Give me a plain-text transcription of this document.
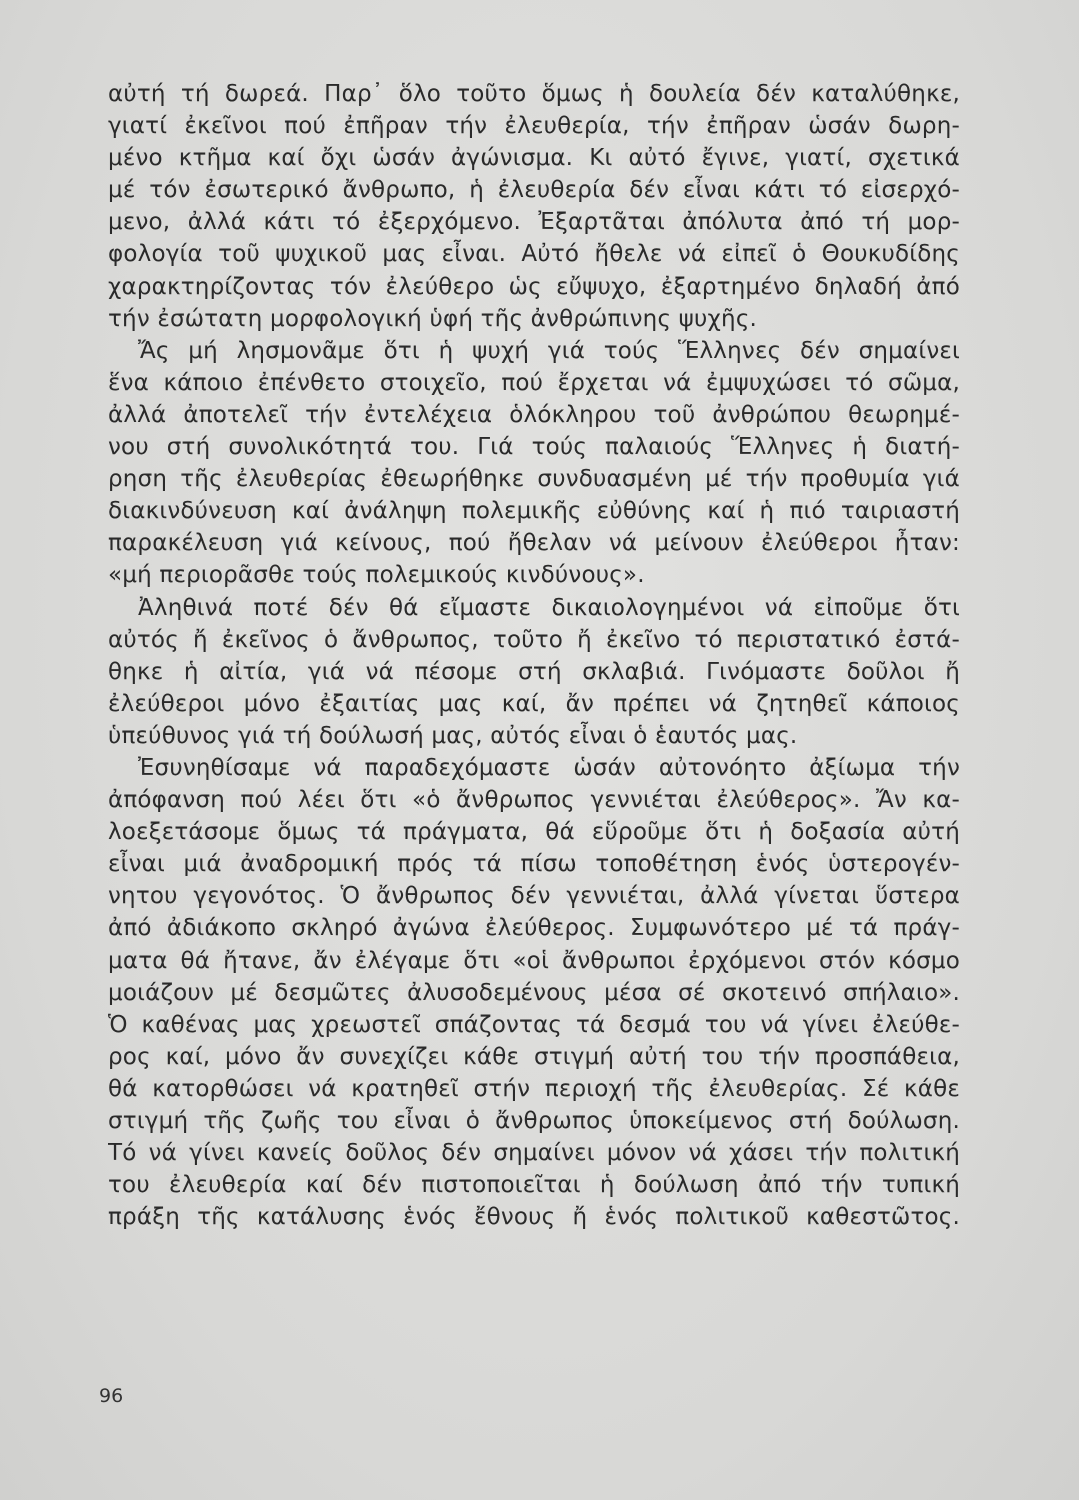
αὐτή τή δωρεά. Παρ᾽ ὅλο τοῦτο ὅμως ἡ δουλεία δέν καταλύθηκε,
γιατί ἐκεῖνοι πού ἐπῆραν τήν ἐλευθερία, τήν ἐπῆραν ὡσάν δωρη-
μένο κτῆμα καί ὄχι ὡσάν ἀγώνισμα. Κι αὐτό ἔγινε, γιατί, σχετικά
μέ τόν ἐσωτερικό ἄνθρωπο, ἡ ἐλευθερία δέν εἶναι κάτι τό εἰσερχό-
μενο, ἀλλά κάτι τό ἐξερχόμενο. Ἐξαρτᾶται ἀπόλυτα ἀπό τή μορ-
φολογία τοῦ ψυχικοῦ μας εἶναι. Αὐτό ἤθελε νά εἰπεῖ ὁ Θουκυδίδης
χαρακτηρίζοντας τόν ἐλεύθερο ὡς εὔψυχο, ἐξαρτημένο δηλαδή ἀπό
τήν ἐσώτατη μορφολογική ὑφή τῆς ἀνθρώπινης ψυχῆς.
Ἄς μή λησμονᾶμε ὅτι ἡ ψυχή γιά τούς Ἕλληνες δέν σημαίνει
ἕνα κάποιο ἐπένθετο στοιχεῖο, πού ἔρχεται νά ἐμψυχώσει τό σῶμα,
ἀλλά ἀποτελεῖ τήν ἐντελέχεια ὁλόκληρου τοῦ ἀνθρώπου θεωρημέ-
νου στή συνολικότητά του. Γιά τούς παλαιούς Ἕλληνες ἡ διατή-
ρηση τῆς ἐλευθερίας ἐθεωρήθηκε συνδυασμένη μέ τήν προθυμία γιά
διακινδύνευση καί ἀνάληψη πολεμικῆς εὐθύνης καί ἡ πιό ταιριαστή
παρακέλευση γιά κείνους, πού ἤθελαν νά μείνουν ἐλεύθεροι ἦταν:
«μή περιορᾶσθε τούς πολεμικούς κινδύνους».
Ἀληθινά ποτέ δέν θά εἴμαστε δικαιολογημένοι νά εἰποῦμε ὅτι
αὐτός ἤ ἐκεῖνος ὁ ἄνθρωπος, τοῦτο ἤ ἐκεῖνο τό περιστατικό ἐστά-
θηκε ἡ αἰτία, γιά νά πέσομε στή σκλαβιά. Γινόμαστε δοῦλοι ἤ
ἐλεύθεροι μόνο ἐξαιτίας μας καί, ἄν πρέπει νά ζητηθεῖ κάποιος
ὑπεύθυνος γιά τή δούλωσή μας, αὐτός εἶναι ὁ ἑαυτός μας.
Ἐσυνηθίσαμε νά παραδεχόμαστε ὡσάν αὐτονόητο ἀξίωμα τήν
ἀπόφανση πού λέει ὅτι «ὁ ἄνθρωπος γεννιέται ἐλεύθερος». Ἄν κα-
λοεξετάσομε ὅμως τά πράγματα, θά εὕροῦμε ὅτι ἡ δοξασία αὐτή
εἶναι μιά ἀναδρομική πρός τά πίσω τοποθέτηση ἑνός ὑστερογέν-
νητου γεγονότος. Ὁ ἄνθρωπος δέν γεννιέται, ἀλλά γίνεται ὕστερα
ἀπό ἀδιάκοπο σκληρό ἀγώνα ἐλεύθερος. Συμφωνότερο μέ τά πράγ-
ματα θά ἤτανε, ἄν ἐλέγαμε ὅτι «οἱ ἄνθρωποι ἐρχόμενοι στόν κόσμο
μοιάζουν μέ δεσμῶτες ἀλυσοδεμένους μέσα σέ σκοτεινό σπήλαιο».
Ὁ καθένας μας χρεωστεῖ σπάζοντας τά δεσμά του νά γίνει ἐλεύθε-
ρος καί, μόνο ἄν συνεχίζει κάθε στιγμή αὐτή του τήν προσπάθεια,
θά κατορθώσει νά κρατηθεῖ στήν περιοχή τῆς ἐλευθερίας. Σέ κάθε
στιγμή τῆς ζωῆς του εἶναι ὁ ἄνθρωπος ὑποκείμενος στή δούλωση.
Τό νά γίνει κανείς δοῦλος δέν σημαίνει μόνον νά χάσει τήν πολιτική
του ἐλευθερία καί δέν πιστοποιεῖται ἡ δούλωση ἀπό τήν τυπική
πράξη τῆς κατάλυσης ἑνός ἔθνους ἤ ἑνός πολιτικοῦ καθεστῶτος.
96
